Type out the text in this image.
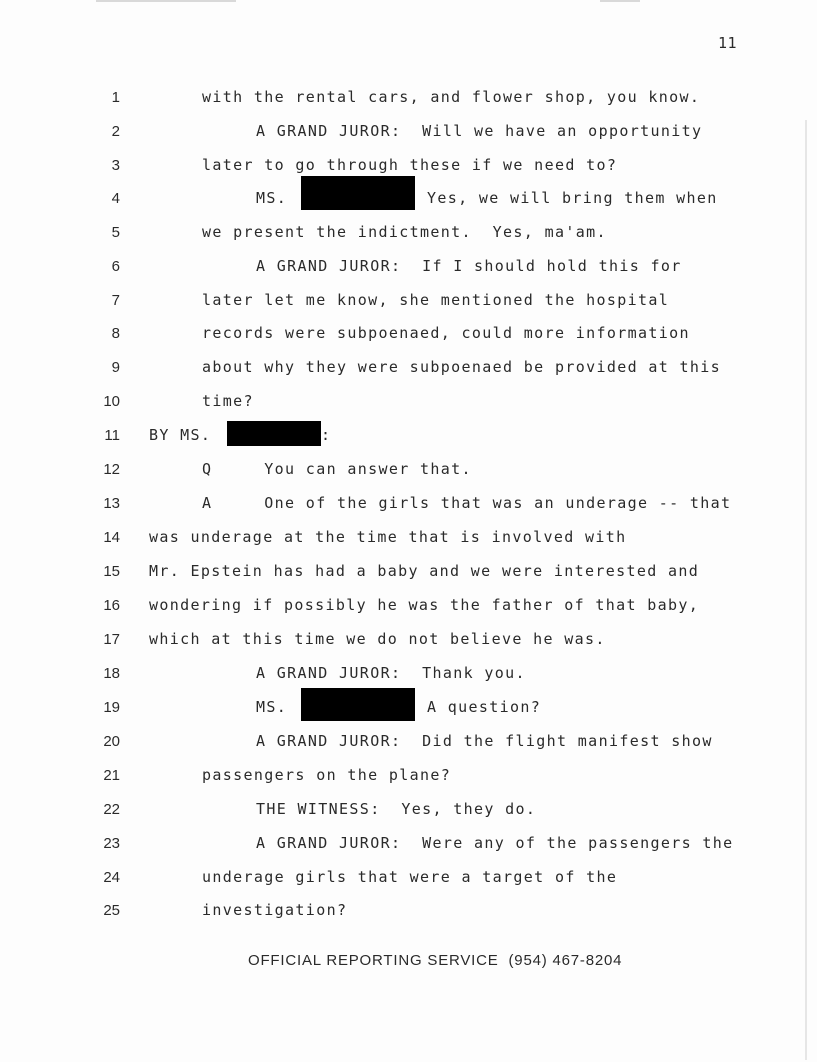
11
1	with the rental cars, and flower shop, you know.
2	A GRAND JUROR:  Will we have an opportunity
3	later to go through these if we need to?
4	MS.	Yes, we will bring them when
5	we present the indictment.  Yes, ma'am.
6	A GRAND JUROR:  If I should hold this for
7	later let me know, she mentioned the hospital
8	records were subpoenaed, could more information
9	about why they were subpoenaed be provided at this
10	time?
11 BY MS.	:
12	Q     You can answer that.
13	A     One of the girls that was an underage -- that
14 was underage at the time that is involved with
15 Mr. Epstein has had a baby and we were interested and
16 wondering if possibly he was the father of that baby,
17 which at this time we do not believe he was.
18	A GRAND JUROR:  Thank you.
19	MS.	A question?
20	A GRAND JUROR:  Did the flight manifest show
21	passengers on the plane?
22	THE WITNESS:  Yes, they do.
23	A GRAND JUROR:  Were any of the passengers the
24	underage girls that were a target of the
25	investigation?
OFFICIAL REPORTING SERVICE  (954) 467-8204
